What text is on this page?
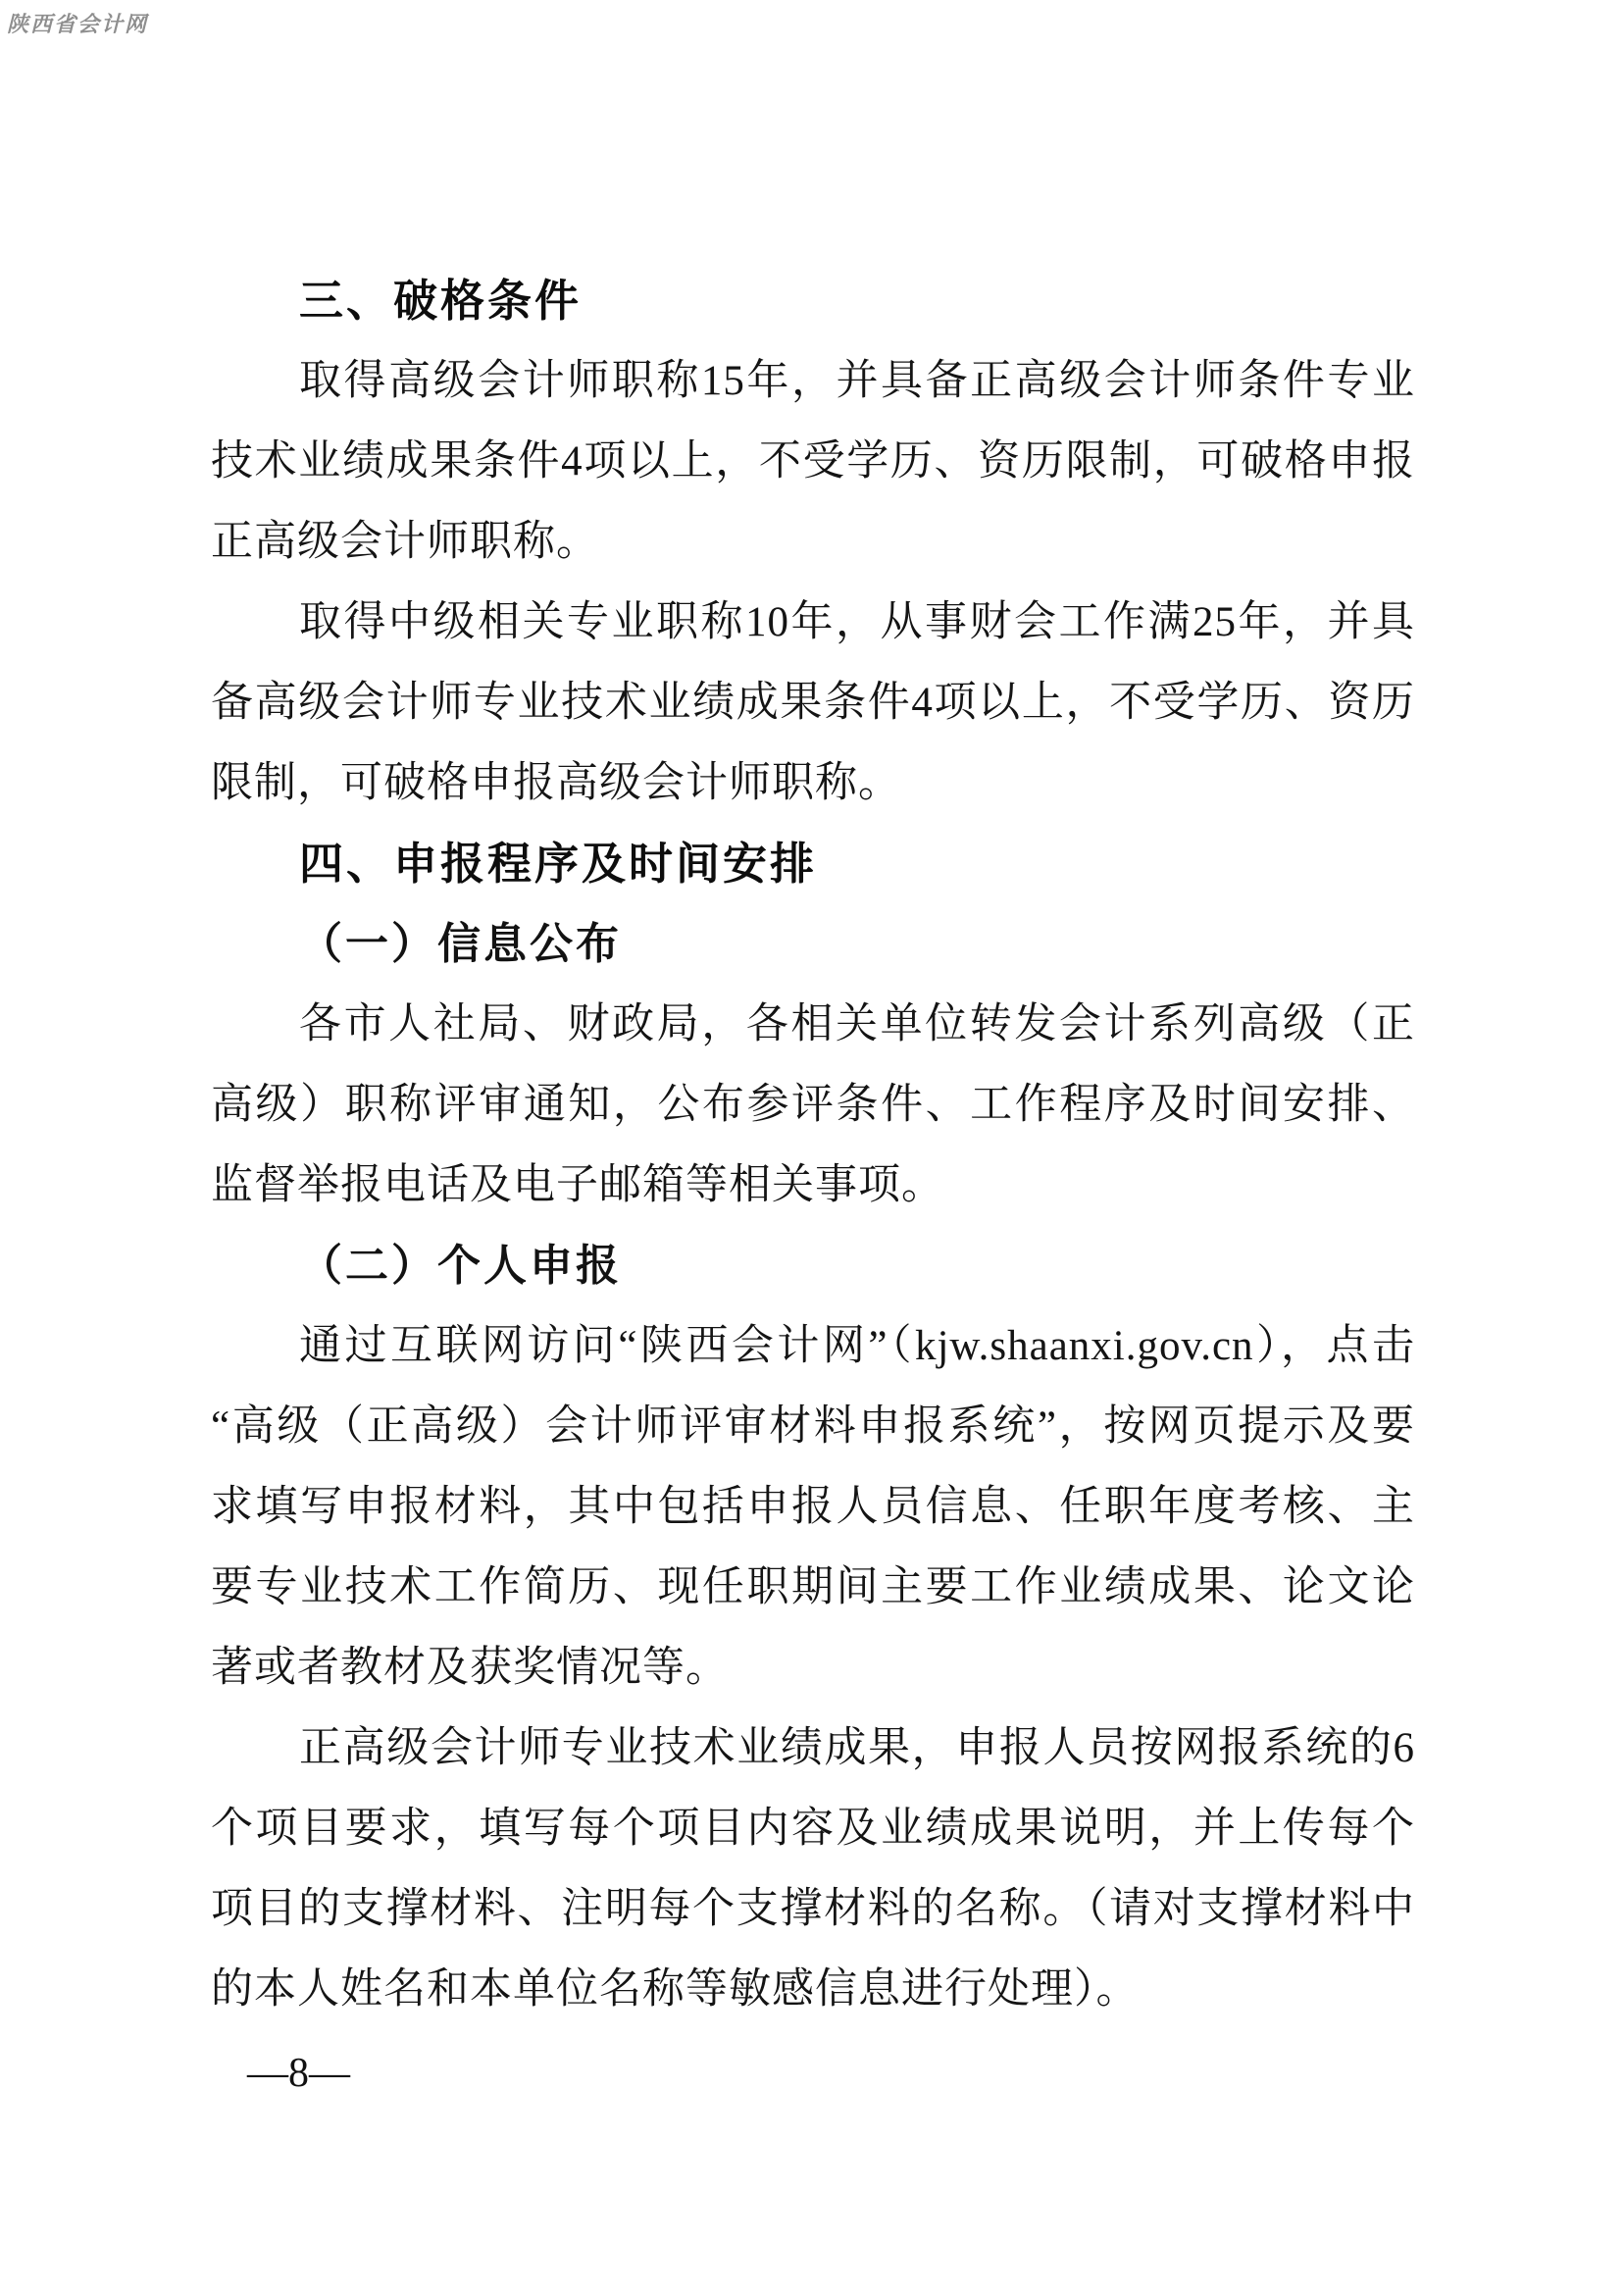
陕西省会计网
三、破格条件

取得高级会计师职称15年，并具备正高级会计师条件专业技术业绩成果条件4项以上，不受学历、资历限制，可破格申报正高级会计师职称。

取得中级相关专业职称10年，从事财会工作满25年，并具备高级会计师专业技术业绩成果条件4项以上，不受学历、资历限制，可破格申报高级会计师职称。

四、申报程序及时间安排
（一）信息公布

各市人社局、财政局，各相关单位转发会计系列高级（正高级）职称评审通知，公布参评条件、工作程序及时间安排、监督举报电话及电子邮箱等相关事项。

（二）个人申报

通过互联网访问“陕西会计网”（kjw.shaanxi.gov.cn），点击“高级（正高级）会计师评审材料申报系统”，按网页提示及要求填写申报材料，其中包括申报人员信息、任职年度考核、主要专业技术工作简历、现任职期间主要工作业绩成果、论文论著或者教材及获奖情况等。

正高级会计师专业技术业绩成果，申报人员按网报系统的6个项目要求，填写每个项目内容及业绩成果说明，并上传每个项目的支撑材料、注明每个支撑材料的名称。（请对支撑材料中的本人姓名和本单位名称等敏感信息进行处理）。

—8—
